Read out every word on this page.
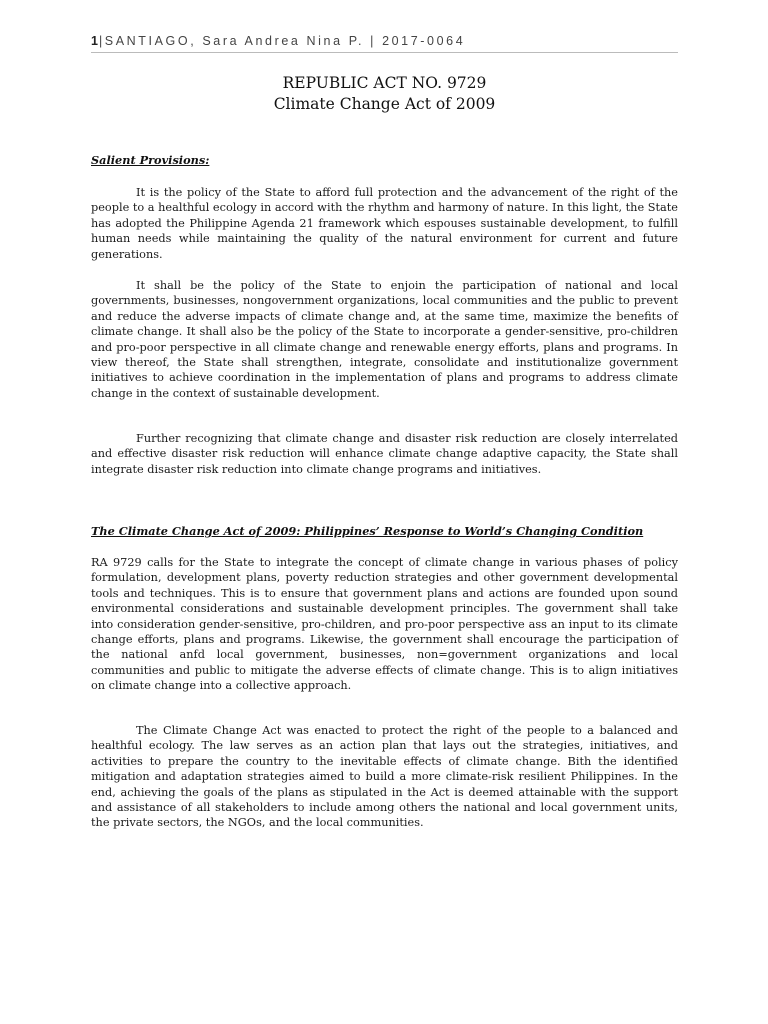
1|SANTIAGO, Sara Andrea Nina P. | 2017-0064
REPUBLIC ACT NO. 9729
Climate Change Act of 2009
Salient Provisions:

It is the policy of the State to afford full protection and the advancement of the right of the people to a healthful ecology in accord with the rhythm and harmony of nature. In this light, the State has adopted the Philippine Agenda 21 framework which espouses sustainable development, to fulfill human needs while maintaining the quality of the natural environment for current and future generations.

It shall be the policy of the State to enjoin the participation of national and local governments, businesses, nongovernment organizations, local communities and the public to prevent and reduce the adverse impacts of climate change and, at the same time, maximize the benefits of climate change. It shall also be the policy of the State to incorporate a gender-sensitive, pro-children and pro-poor perspective in all climate change and renewable energy efforts, plans and programs. In view thereof, the State shall strengthen, integrate, consolidate and institutionalize government initiatives to achieve coordination in the implementation of plans and programs to address climate change in the context of sustainable development.

Further recognizing that climate change and disaster risk reduction are closely interrelated and effective disaster risk reduction will enhance climate change adaptive capacity, the State shall integrate disaster risk reduction into climate change programs and initiatives.

The Climate Change Act of 2009: Philippines’ Response to World’s Changing Condition

RA 9729 calls for the State to integrate the concept of climate change in various phases of policy formulation, development plans, poverty reduction strategies and other government developmental tools and techniques. This is to ensure that government plans and actions are founded upon sound environmental considerations and sustainable development principles. The government shall take into consideration gender-sensitive, pro-children, and pro-poor perspective ass an input to its climate change efforts, plans and programs. Likewise, the government shall encourage the participation of the national anfd local government, businesses, non=government organizations and local communities and public to mitigate the adverse effects of climate change. This is to align initiatives on climate change into a collective approach.

The Climate Change Act was enacted to protect the right of the people to a balanced and healthful ecology. The law serves as an action plan that lays out the strategies, initiatives, and activities to prepare the country to the inevitable effects of climate change. Bith the identified mitigation and adaptation strategies aimed to build a more climate-risk resilient Philippines. In the end, achieving the goals of the plans as stipulated in the Act is deemed attainable with the support and assistance of all stakeholders to include among others the national and local government units, the private sectors, the NGOs, and the local communities.
